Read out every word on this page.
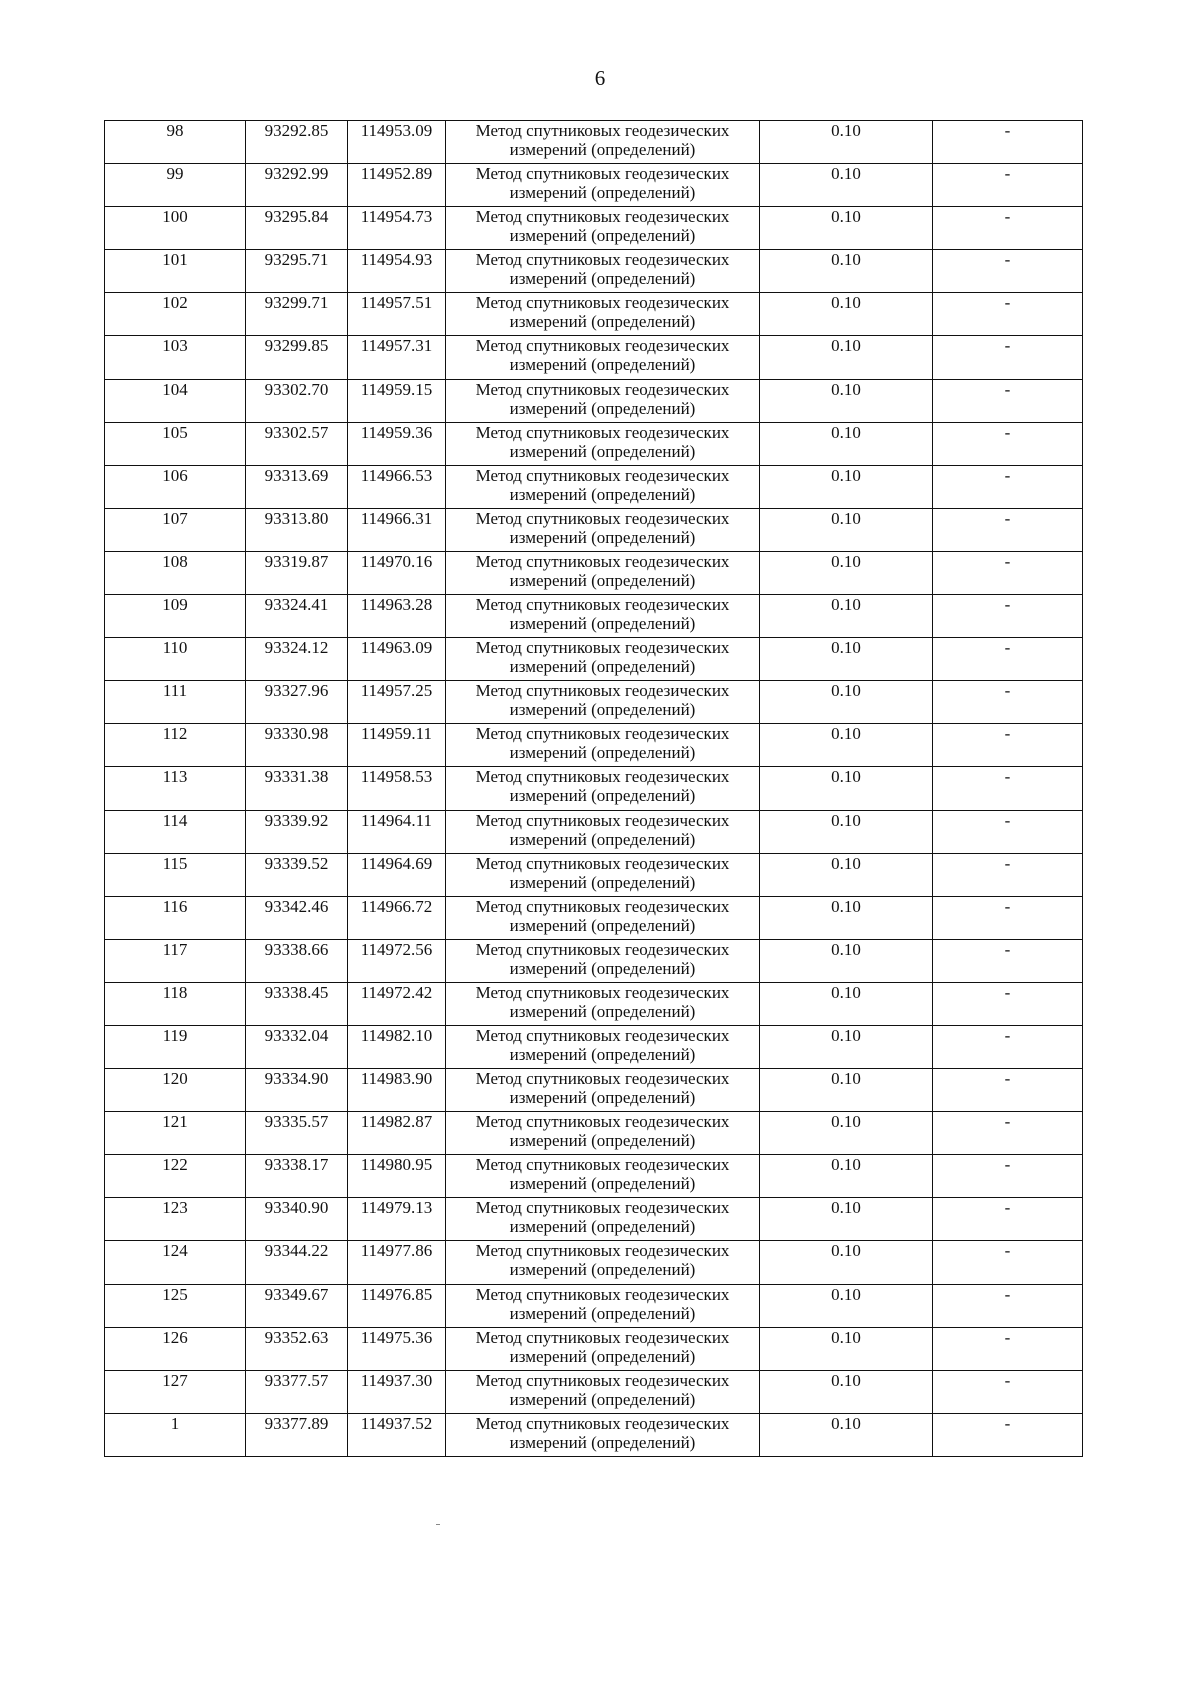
6
98	93292.85	114953.09	Метод спутниковых геодезических измерений (определений)	0.10	-
99	93292.99	114952.89	Метод спутниковых геодезических измерений (определений)	0.10	-
100	93295.84	114954.73	Метод спутниковых геодезических измерений (определений)	0.10	-
101	93295.71	114954.93	Метод спутниковых геодезических измерений (определений)	0.10	-
102	93299.71	114957.51	Метод спутниковых геодезических измерений (определений)	0.10	-
103	93299.85	114957.31	Метод спутниковых геодезических измерений (определений)	0.10	-
104	93302.70	114959.15	Метод спутниковых геодезических измерений (определений)	0.10	-
105	93302.57	114959.36	Метод спутниковых геодезических измерений (определений)	0.10	-
106	93313.69	114966.53	Метод спутниковых геодезических измерений (определений)	0.10	-
107	93313.80	114966.31	Метод спутниковых геодезических измерений (определений)	0.10	-
108	93319.87	114970.16	Метод спутниковых геодезических измерений (определений)	0.10	-
109	93324.41	114963.28	Метод спутниковых геодезических измерений (определений)	0.10	-
110	93324.12	114963.09	Метод спутниковых геодезических измерений (определений)	0.10	-
111	93327.96	114957.25	Метод спутниковых геодезических измерений (определений)	0.10	-
112	93330.98	114959.11	Метод спутниковых геодезических измерений (определений)	0.10	-
113	93331.38	114958.53	Метод спутниковых геодезических измерений (определений)	0.10	-
114	93339.92	114964.11	Метод спутниковых геодезических измерений (определений)	0.10	-
115	93339.52	114964.69	Метод спутниковых геодезических измерений (определений)	0.10	-
116	93342.46	114966.72	Метод спутниковых геодезических измерений (определений)	0.10	-
117	93338.66	114972.56	Метод спутниковых геодезических измерений (определений)	0.10	-
118	93338.45	114972.42	Метод спутниковых геодезических измерений (определений)	0.10	-
119	93332.04	114982.10	Метод спутниковых геодезических измерений (определений)	0.10	-
120	93334.90	114983.90	Метод спутниковых геодезических измерений (определений)	0.10	-
121	93335.57	114982.87	Метод спутниковых геодезических измерений (определений)	0.10	-
122	93338.17	114980.95	Метод спутниковых геодезических измерений (определений)	0.10	-
123	93340.90	114979.13	Метод спутниковых геодезических измерений (определений)	0.10	-
124	93344.22	114977.86	Метод спутниковых геодезических измерений (определений)	0.10	-
125	93349.67	114976.85	Метод спутниковых геодезических измерений (определений)	0.10	-
126	93352.63	114975.36	Метод спутниковых геодезических измерений (определений)	0.10	-
127	93377.57	114937.30	Метод спутниковых геодезических измерений (определений)	0.10	-
1	93377.89	114937.52	Метод спутниковых геодезических измерений (определений)	0.10	-
